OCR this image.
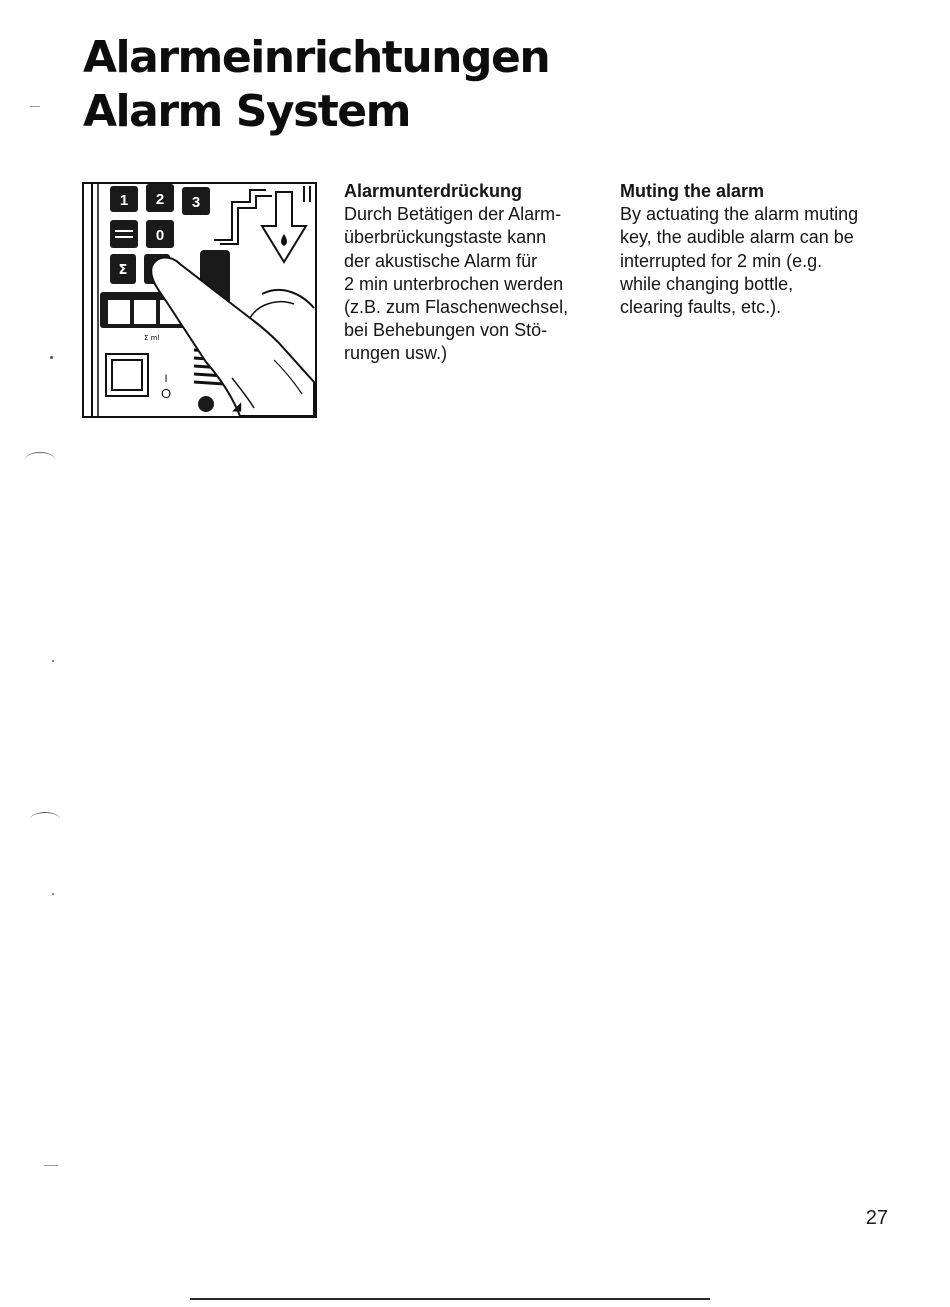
Alarmeinrichtungen
Alarm System
1 2 3
0
Σ
Σ ml
I
O
◢
Alarmunterdrückung

Durch Betätigen der Alarm-
überbrückungstaste kann
der akustische Alarm für
2 min unterbrochen werden
(z.B. zum Flaschenwechsel,
bei Behebungen von Stö-
rungen usw.)

Muting the alarm

By actuating the alarm muting
key, the audible alarm can be
interrupted for 2 min (e.g.
while changing bottle,
clearing faults, etc.).

27
